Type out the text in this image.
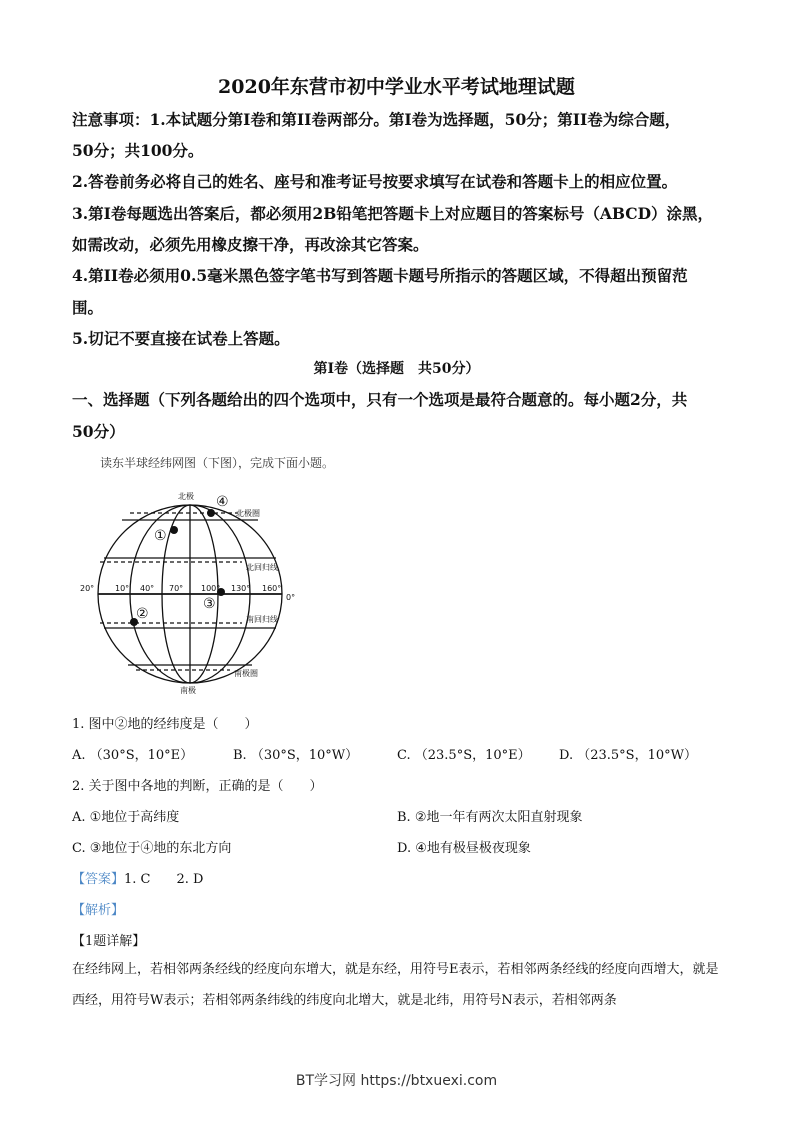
2020年东营市初中学业水平考试地理试题
注意事项：1.本试题分第Ⅰ卷和第II卷两部分。第Ⅰ卷为选择题，50分；第II卷为综合题，
50分；共100分。
2.答卷前务必将自己的姓名、座号和准考证号按要求填写在试卷和答题卡上的相应位置。
3.第Ⅰ卷每题选出答案后，都必须用2B铅笔把答题卡上对应题目的答案标号（ABCD）涂黑，
如需改动，必须先用橡皮擦干净，再改涂其它答案。
4.第II卷必须用0.5毫米黑色签字笔书写到答题卡题号所指示的答题区域，不得超出预留范
围。
5.切记不要直接在试卷上答题。
第Ⅰ卷（选择题　共50分）
一、选择题（下列各题给出的四个选项中，只有一个选项是最符合题意的。每小题2分，共
50分）
读东半球经纬网图（下图），完成下面小题。
北极
北极圈
北回归线
0°
南回归线
南极圈
南极
20°	10° 40° 70° 100° 130° 160°
①
②
③
④
1. 图中②地的经纬度是（　　）
A. （30°S，10°E）	B. （30°S，10°W）	C. （23.5°S，10°E） D. （23.5°S，10°W）
2. 关于图中各地的判断，正确的是（　　）
A. ①地位于高纬度	B. ②地一年有两次太阳直射现象
C. ③地位于④地的东北方向	D. ④地有极昼极夜现象
【答案】1. C　　2. D
【解析】
【1题详解】
在经纬网上，若相邻两条经线的经度向东增大，就是东经，用符号E表示，若相邻两条经线的经度向西增大，就是西经，用符号W表示；若相邻两条纬线的纬度向北增大，就是北纬，用符号N表示，若相邻两条
BT学习网 https://btxuexi.com
